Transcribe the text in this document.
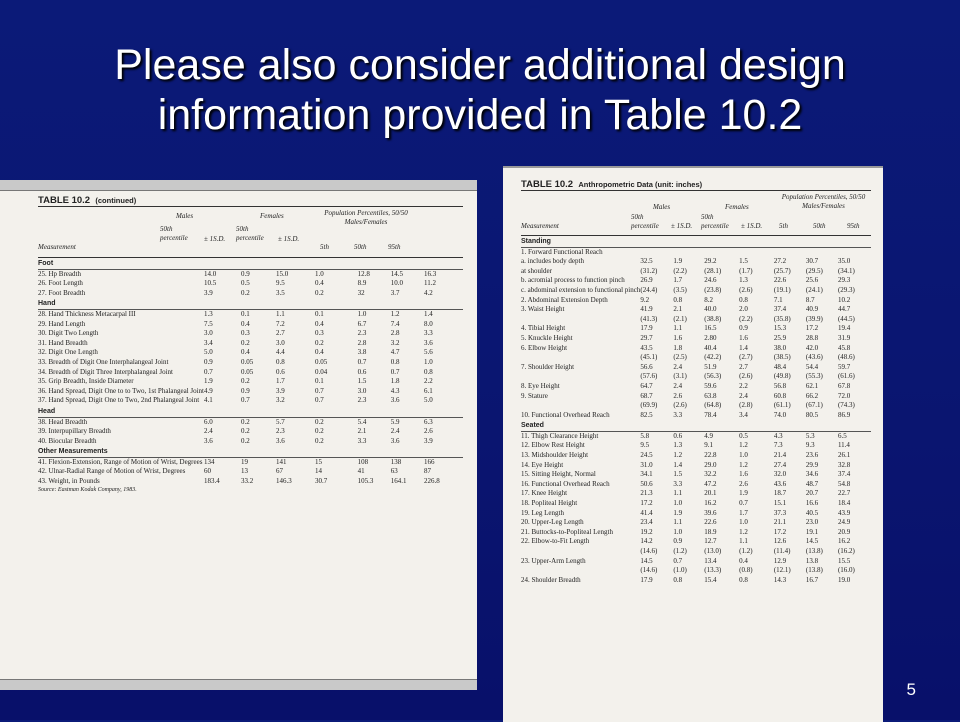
Please also consider additional design information provided in Table 10.2
TABLE 10.2 (continued)
Males	Females	Population Percentiles, 50/50 Males/Females
50th percentile	± 1S.D.
50th percentile	± 1S.D.
Measurement	5th	50th	95th
Foot							
25. Hp Breadth	14.0	0.9	15.0	1.0	12.8	14.5	16.3
26. Foot Length	10.5	0.5	9.5	0.4	8.9	10.0	11.2
27. Foot Breadth	3.9	0.2	3.5	0.2	32	3.7	4.2
Hand							
28. Hand Thickness Metacarpal III	1.3	0.1	1.1	0.1	1.0	1.2	1.4
29. Hand Length	7.5	0.4	7.2	0.4	6.7	7.4	8.0
30. Digit Two Length	3.0	0.3	2.7	0.3	2.3	2.8	3.3
31. Hand Breadth	3.4	0.2	3.0	0.2	2.8	3.2	3.6
32. Digit One Length	5.0	0.4	4.4	0.4	3.8	4.7	5.6
33. Breadth of Digit One Interphalangeal Joint	0.9	0.05	0.8	0.05	0.7	0.8	1.0
34. Breadth of Digit Three Interphalangeal Joint	0.7	0.05	0.6	0.04	0.6	0.7	0.8
35. Grip Breadth, Inside Diameter	1.9	0.2	1.7	0.1	1.5	1.8	2.2
36. Hand Spread, Digit One to to Two, 1st Phalangeal Joint	4.9	0.9	3.9	0.7	3.0	4.3	6.1
37. Hand Spread, Digit One to Two, 2nd Phalangeal Joint	4.1	0.7	3.2	0.7	2.3	3.6	5.0
Head							
38. Head Breadth	6.0	0.2	5.7	0.2	5.4	5.9	6.3
39. Interpupillary Breadth	2.4	0.2	2.3	0.2	2.1	2.4	2.6
40. Biocular Breadth	3.6	0.2	3.6	0.2	3.3	3.6	3.9
Other Measurements							
41. Flexion-Extension, Range of Motion of Wrist, Degrees	134	19	141	15	108	138	166
42. Ulnar-Radial Range of Motion of Wrist, Degrees	60	13	67	14	41	63	87
43. Weight, in Pounds	183.4	33.2	146.3	30.7	105.3	164.1	226.8
Source: Eastman Kodak Company, 1983.
TABLE 10.2 Anthropometric Data (unit: inches)
Males	Females
Population Percentiles, 50/50 Males/Females
50th percentile	± 1S.D.
50th percentile	± 1S.D.
Measurement	5th	50th	95th
Standing							
1. Forward Functional Reach							
a. includes body depth	32.5	1.9	29.2	1.5	27.2	30.7	35.0
at shoulder	(31.2)	(2.2)	(28.1)	(1.7)	(25.7)	(29.5)	(34.1)
b. acromial process to function pinch	26.9	1.7	24.6	1.3	22.6	25.6	29.3
c. abdominal extension to functional pinch	(24.4)	(3.5)	(23.8)	(2.6)	(19.1)	(24.1)	(29.3)
2. Abdominal Extension Depth	9.2	0.8	8.2	0.8	7.1	8.7	10.2
3. Waist Height	41.9	2.1	40.0	2.0	37.4	40.9	44.7
	(41.3)	(2.1)	(38.8)	(2.2)	(35.8)	(39.9)	(44.5)
4. Tibial Height	17.9	1.1	16.5	0.9	15.3	17.2	19.4
5. Knuckle Height	29.7	1.6	2.80	1.6	25.9	28.8	31.9
6. Elbow Height	43.5	1.8	40.4	1.4	38.0	42.0	45.8
	(45.1)	(2.5)	(42.2)	(2.7)	(38.5)	(43.6)	(48.6)
7. Shoulder Height	56.6	2.4	51.9	2.7	48.4	54.4	59.7
	(57.6)	(3.1)	(56.3)	(2.6)	(49.8)	(55.3)	(61.6)
8. Eye Height	64.7	2.4	59.6	2.2	56.8	62.1	67.8
9. Stature	68.7	2.6	63.8	2.4	60.8	66.2	72.0
	(69.9)	(2.6)	(64.8)	(2.8)	(61.1)	(67.1)	(74.3)
10. Functional Overhead Reach	82.5	3.3	78.4	3.4	74.0	80.5	86.9
Seated							
11. Thigh Clearance Height	5.8	0.6	4.9	0.5	4.3	5.3	6.5
12. Elbow Rest Height	9.5	1.3	9.1	1.2	7.3	9.3	11.4
13. Midshoulder Height	24.5	1.2	22.8	1.0	21.4	23.6	26.1
14. Eye Height	31.0	1.4	29.0	1.2	27.4	29.9	32.8
15. Sitting Height, Normal	34.1	1.5	32.2	1.6	32.0	34.6	37.4
16. Functional Overhead Reach	50.6	3.3	47.2	2.6	43.6	48.7	54.8
17. Knee Height	21.3	1.1	20.1	1.9	18.7	20.7	22.7
18. Popliteal Height	17.2	1.0	16.2	0.7	15.1	16.6	18.4
19. Leg Length	41.4	1.9	39.6	1.7	37.3	40.5	43.9
20. Upper-Leg Length	23.4	1.1	22.6	1.0	21.1	23.0	24.9
21. Buttocks-to-Popliteal Length	19.2	1.0	18.9	1.2	17.2	19.1	20.9
22. Elbow-to-Fit Length	14.2	0.9	12.7	1.1	12.6	14.5	16.2
	(14.6)	(1.2)	(13.0)	(1.2)	(11.4)	(13.8)	(16.2)
23. Upper-Arm Length	14.5	0.7	13.4	0.4	12.9	13.8	15.5
	(14.6)	(1.0)	(13.3)	(0.8)	(12.1)	(13.8)	(16.0)
24. Shoulder Breadth	17.9	0.8	15.4	0.8	14.3	16.7	19.0
5
